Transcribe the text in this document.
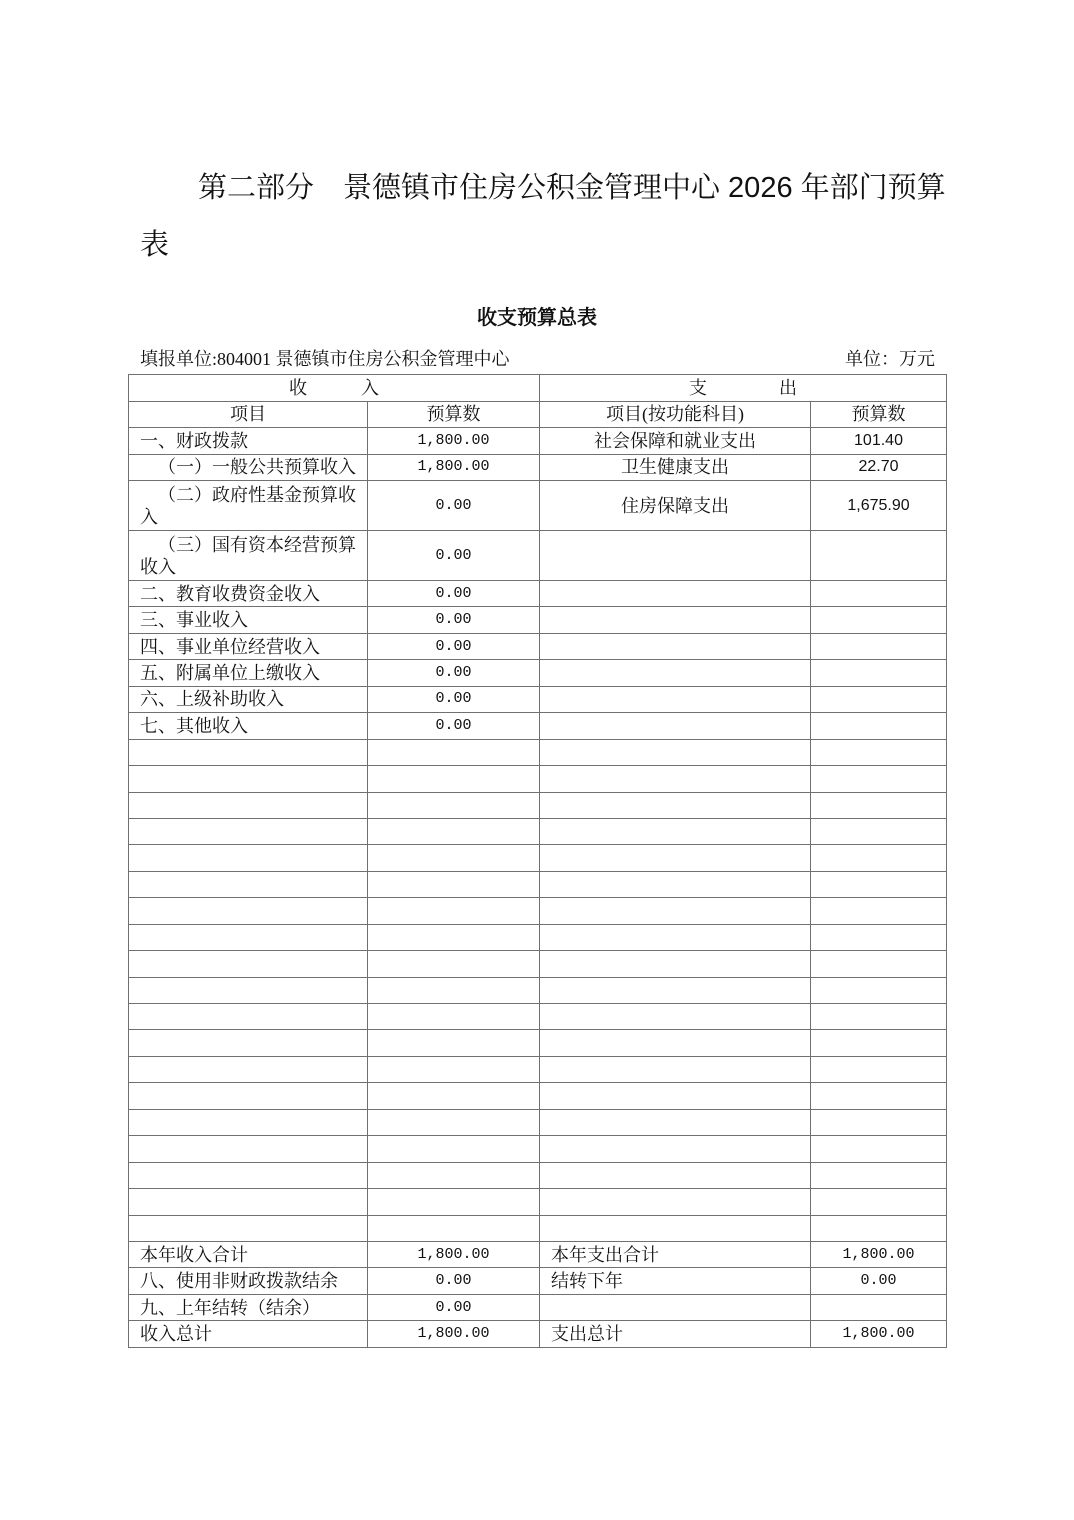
第二部分　景德镇市住房公积金管理中心 2026 年部门预算表
收支预算总表
填报单位:804001 景德镇市住房公积金管理中心	单位：万元
收　　　入		支　　　　出	
项目	预算数	项目(按功能科目)	预算数
一、财政拨款	1,800.00	社会保障和就业支出	101.40
（一）一般公共预算收入	1,800.00	卫生健康支出	22.70
（二）政府性基金预算收入	0.00	住房保障支出	1,675.90
（三）国有资本经营预算收入	0.00		
二、教育收费资金收入	0.00		
三、事业收入	0.00		
四、事业单位经营收入	0.00		
五、附属单位上缴收入	0.00		
六、上级补助收入	0.00		
七、其他收入	0.00		

本年收入合计	1,800.00	本年支出合计	1,800.00
八、使用非财政拨款结余	0.00	结转下年	0.00
九、上年结转（结余）	0.00		
收入总计	1,800.00	支出总计	1,800.00
